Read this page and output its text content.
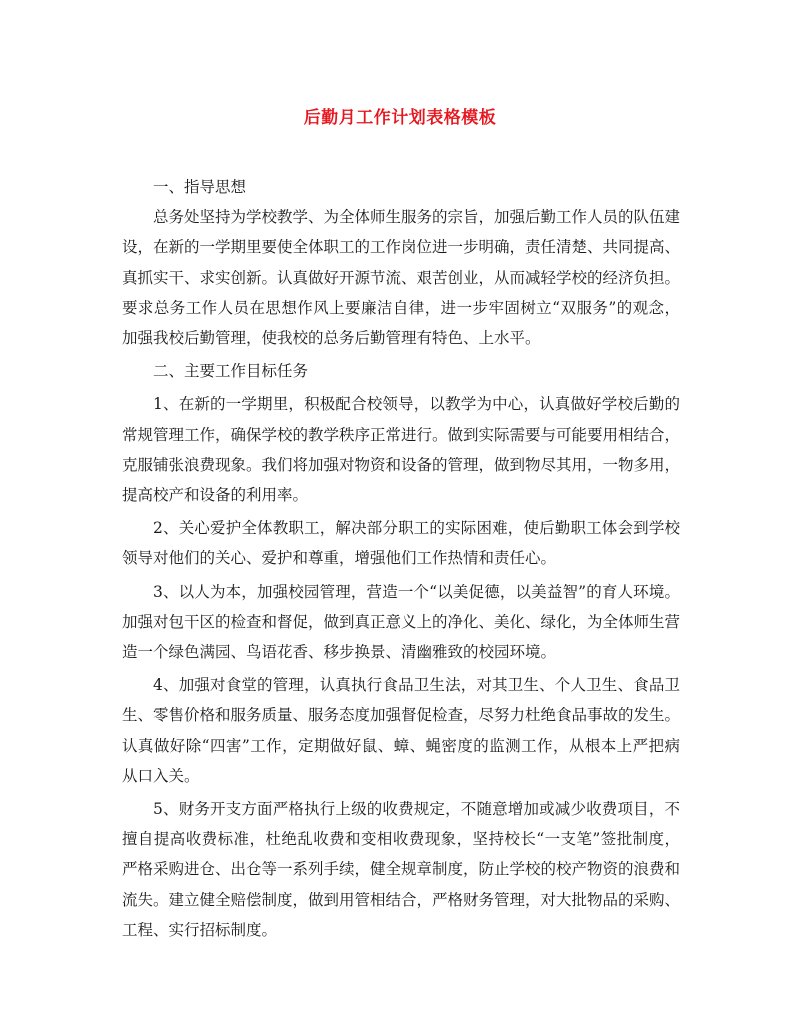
后勤月工作计划表格模板

一、指导思想

总务处坚持为学校教学、为全体师生服务的宗旨，加强后勤工作人员的队伍建设，在新的一学期里要使全体职工的工作岗位进一步明确，责任清楚、共同提高、真抓实干、求实创新。认真做好开源节流、艰苦创业，从而减轻学校的经济负担。要求总务工作人员在思想作风上要廉洁自律，进一步牢固树立“双服务”的观念，加强我校后勤管理，使我校的总务后勤管理有特色、上水平。

二、主要工作目标任务

1、在新的一学期里，积极配合校领导，以教学为中心，认真做好学校后勤的常规管理工作，确保学校的教学秩序正常进行。做到实际需要与可能要用相结合，克服铺张浪费现象。我们将加强对物资和设备的管理，做到物尽其用，一物多用，提高校产和设备的利用率。

2、关心爱护全体教职工，解决部分职工的实际困难，使后勤职工体会到学校领导对他们的关心、爱护和尊重，增强他们工作热情和责任心。

3、以人为本，加强校园管理，营造一个“以美促德，以美益智”的育人环境。加强对包干区的检查和督促，做到真正意义上的净化、美化、绿化，为全体师生营造一个绿色满园、鸟语花香、移步换景、清幽雅致的校园环境。

4、加强对食堂的管理，认真执行食品卫生法，对其卫生、个人卫生、食品卫生、零售价格和服务质量、服务态度加强督促检查，尽努力杜绝食品事故的发生。认真做好除“四害”工作，定期做好鼠、蟑、蝇密度的监测工作，从根本上严把病从口入关。

5、财务开支方面严格执行上级的收费规定，不随意增加或减少收费项目，不擅自提高收费标准，杜绝乱收费和变相收费现象，坚持校长“一支笔”签批制度，严格采购进仓、出仓等一系列手续，健全规章制度，防止学校的校产物资的浪费和流失。建立健全赔偿制度，做到用管相结合，严格财务管理，对大批物品的采购、工程、实行招标制度。
